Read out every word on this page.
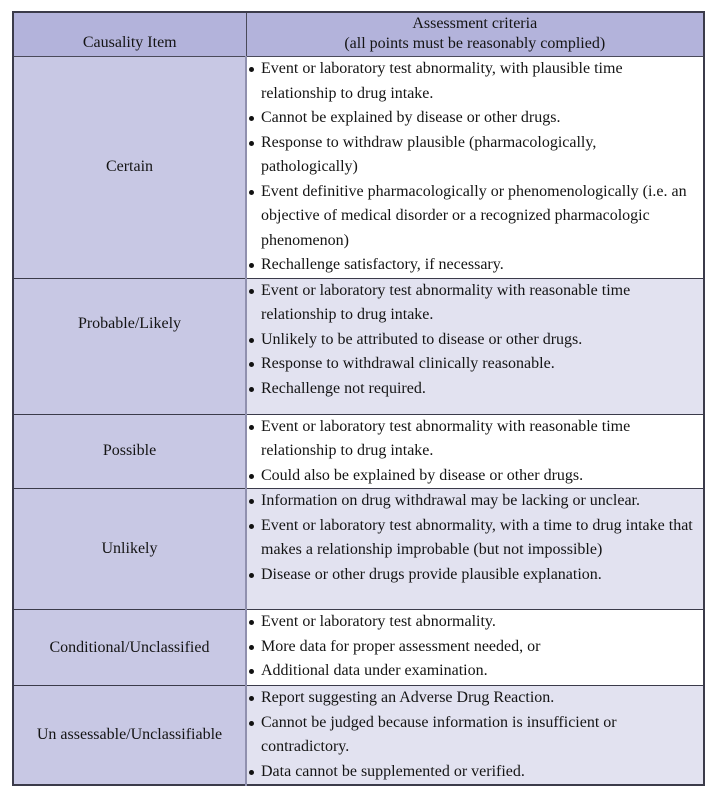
Causality Item	Assessment criteria
(all points must be reasonably complied)

Certain	
Event or laboratory test abnormality, with plausible time relationship to drug intake.
Cannot be explained by disease or other drugs.
Response to withdraw plausible (pharmacologically, pathologically)
Event definitive pharmacologically or phenomenologically (i.e. an objective of medical disorder or a recognized pharmacologic phenomenon)
Rechallenge satisfactory, if necessary.

Probable/Likely	
Event or laboratory test abnormality with reasonable time relationship to drug intake.
Unlikely to be attributed to disease or other drugs.
Response to withdrawal clinically reasonable.
Rechallenge not required.

Possible	
Event or laboratory test abnormality with reasonable time relationship to drug intake.
Could also be explained by disease or other drugs.

Unlikely	
Information on drug withdrawal may be lacking or unclear.
Event or laboratory test abnormality, with a time to drug intake that makes a relationship improbable (but not impossible)
Disease or other drugs provide plausible explanation.

Conditional/Unclassified	
Event or laboratory test abnormality.
More data for proper assessment needed, or
Additional data under examination.

Un assessable/Unclassifiable	
Report suggesting an Adverse Drug Reaction.
Cannot be judged because information is insufficient or contradictory.
Data cannot be supplemented or verified.
